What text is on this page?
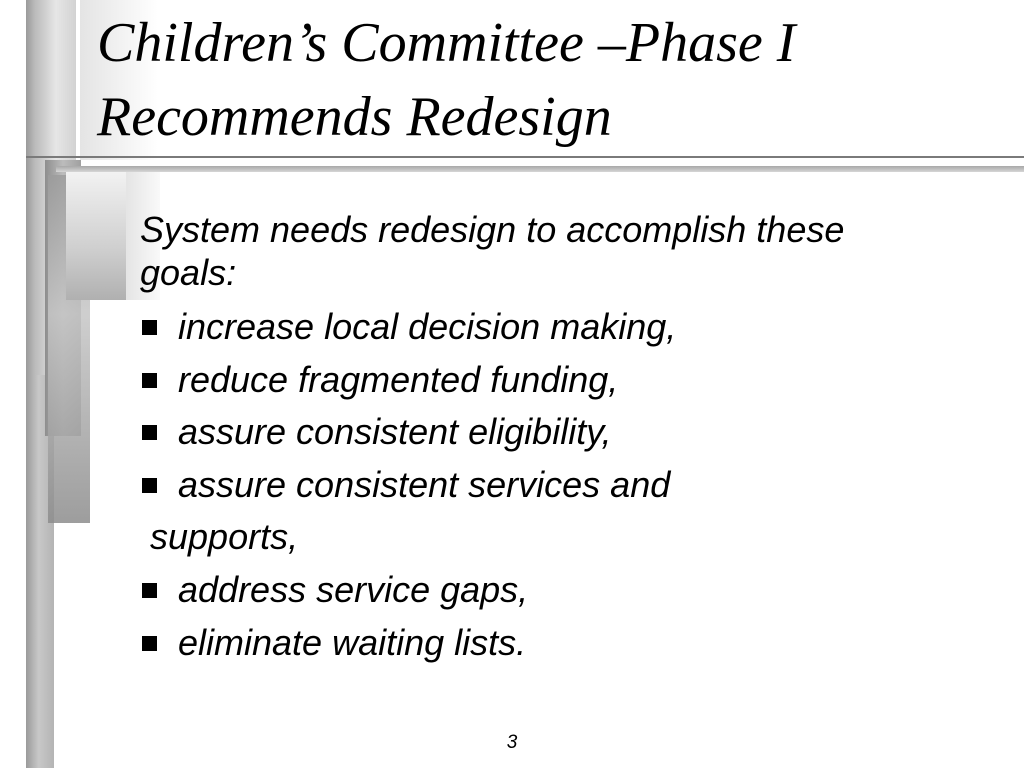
Children’s Committee –Phase I
Recommends Redesign

System needs redesign to accomplish these
goals:

increase local decision making,
reduce fragmented funding,
assure consistent eligibility,
assure consistent services and
supports,
address service gaps,
eliminate waiting lists.
3
